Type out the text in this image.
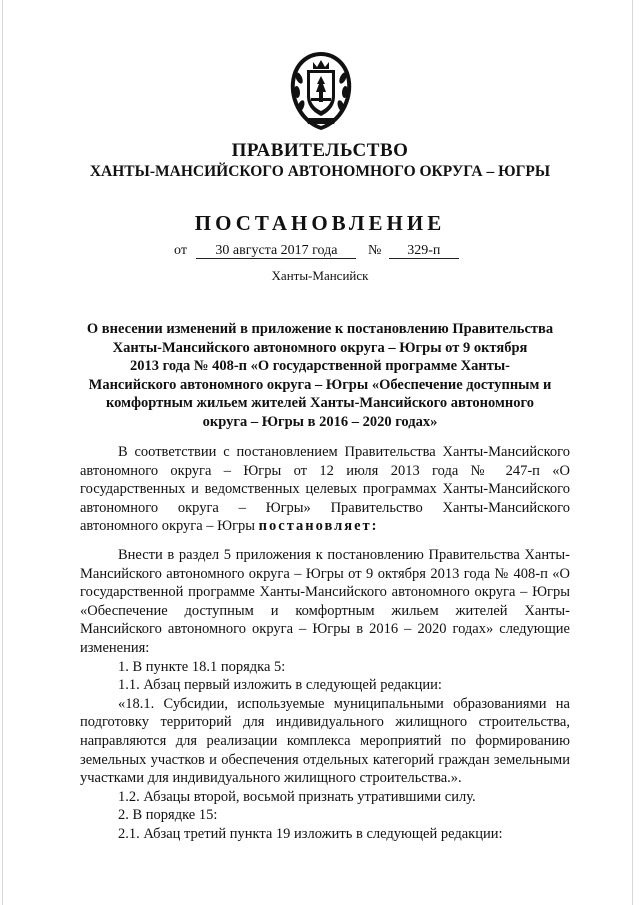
ПРАВИТЕЛЬСТВО
ХАНТЫ-МАНСИЙСКОГО АВТОНОМНОГО ОКРУГА – ЮГРЫ
ПОСТАНОВЛЕНИЕ
от 30 августа 2017 года № 329-п
Ханты-Мансийск
О внесении изменений в приложение к постановлению Правительства
Ханты-Мансийского автономного округа – Югры от 9 октября
2013 года № 408-п «О государственной программе Ханты-
Мансийского автономного округа – Югры «Обеспечение доступным и
комфортным жильем жителей Ханты-Мансийского автономного
округа – Югры в 2016 – 2020 годах»

В соответствии с постановлением Правительства Ханты-Мансийского автономного округа – Югры от 12 июля 2013 года № 247-п «О государственных и ведомственных целевых программах Ханты-Мансийского автономного округа – Югры» Правительство Ханты-Мансийского автономного округа – Югры постановляет:

Внести в раздел 5 приложения к постановлению Правительства Ханты-Мансийского автономного округа – Югры от 9 октября 2013 года № 408-п «О государственной программе Ханты-Мансийского автономного округа – Югры «Обеспечение доступным и комфортным жильем жителей Ханты-Мансийского автономного округа – Югры в 2016 – 2020 годах» следующие изменения:

1. В пункте 18.1 порядка 5:

1.1. Абзац первый изложить в следующей редакции:

«18.1. Субсидии, используемые муниципальными образованиями на подготовку территорий для индивидуального жилищного строительства, направляются для реализации комплекса мероприятий по формированию земельных участков и обеспечения отдельных категорий граждан земельными участками для индивидуального жилищного строительства.».

1.2. Абзацы второй, восьмой признать утратившими силу.

2. В порядке 15:

2.1. Абзац третий пункта 19 изложить в следующей редакции:
